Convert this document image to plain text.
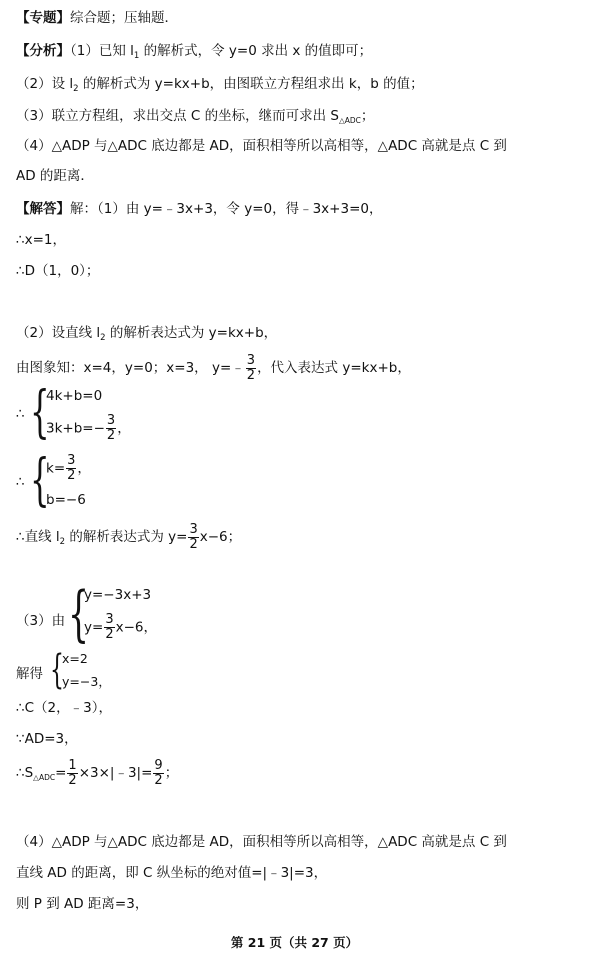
【专题】综合题；压轴题．
【分析】（1）已知 $l_1$ 的解析式，令 y=0 求出 x 的值即可；
（2）设 $l_2$ 的解析式为 y=kx+b，由图联立方程组求出 k，b 的值；
（3）联立方程组，求出交点 C 的坐标，继而可求出 $S_{\triangle ADC}$；
（4）△ADP 与△ADC 底边都是 AD，面积相等所以高相等，△ADC 高就是点 C 到
AD 的距离．
【解答】解：（1）由 y=﹣3x+3，令 y=0，得﹣3x+3=0，
∴x=1，
∴D（1，0）；
（2）设直线 $l_2$ 的解析表达式为 y=kx+b，
由图象知：x=4，y=0；x=3， y=﹣ $\frac{3}{2}$ ，代入表达式 y=kx+b，
∴ {
4k+b=0
$3k+b=- \frac{3}{2}$ ，
∴ {
$k= \frac{3}{2}$ ，
b=−6
∴直线 $l_2$ 的解析表达式为 $y= \frac{3}{2} x-6$；
（3）由 {
y=−3x+3
$y= \frac{3}{2} x-6$，
解得 {
x=2
y=−3，
∴C（2，﹣3），
∵AD=3，
$\therefore S_{\triangle ADC}= \frac{1}{2}$ ×3×|﹣3|= $\frac{9}{2}$ ；
（4）△ADP 与△ADC 底边都是 AD，面积相等所以高相等，△ADC 高就是点 C 到
直线 AD 的距离，即 C 纵坐标的绝对值=|﹣3|=3，
则 P 到 AD 距离=3，
第 21 页（共 27 页）
